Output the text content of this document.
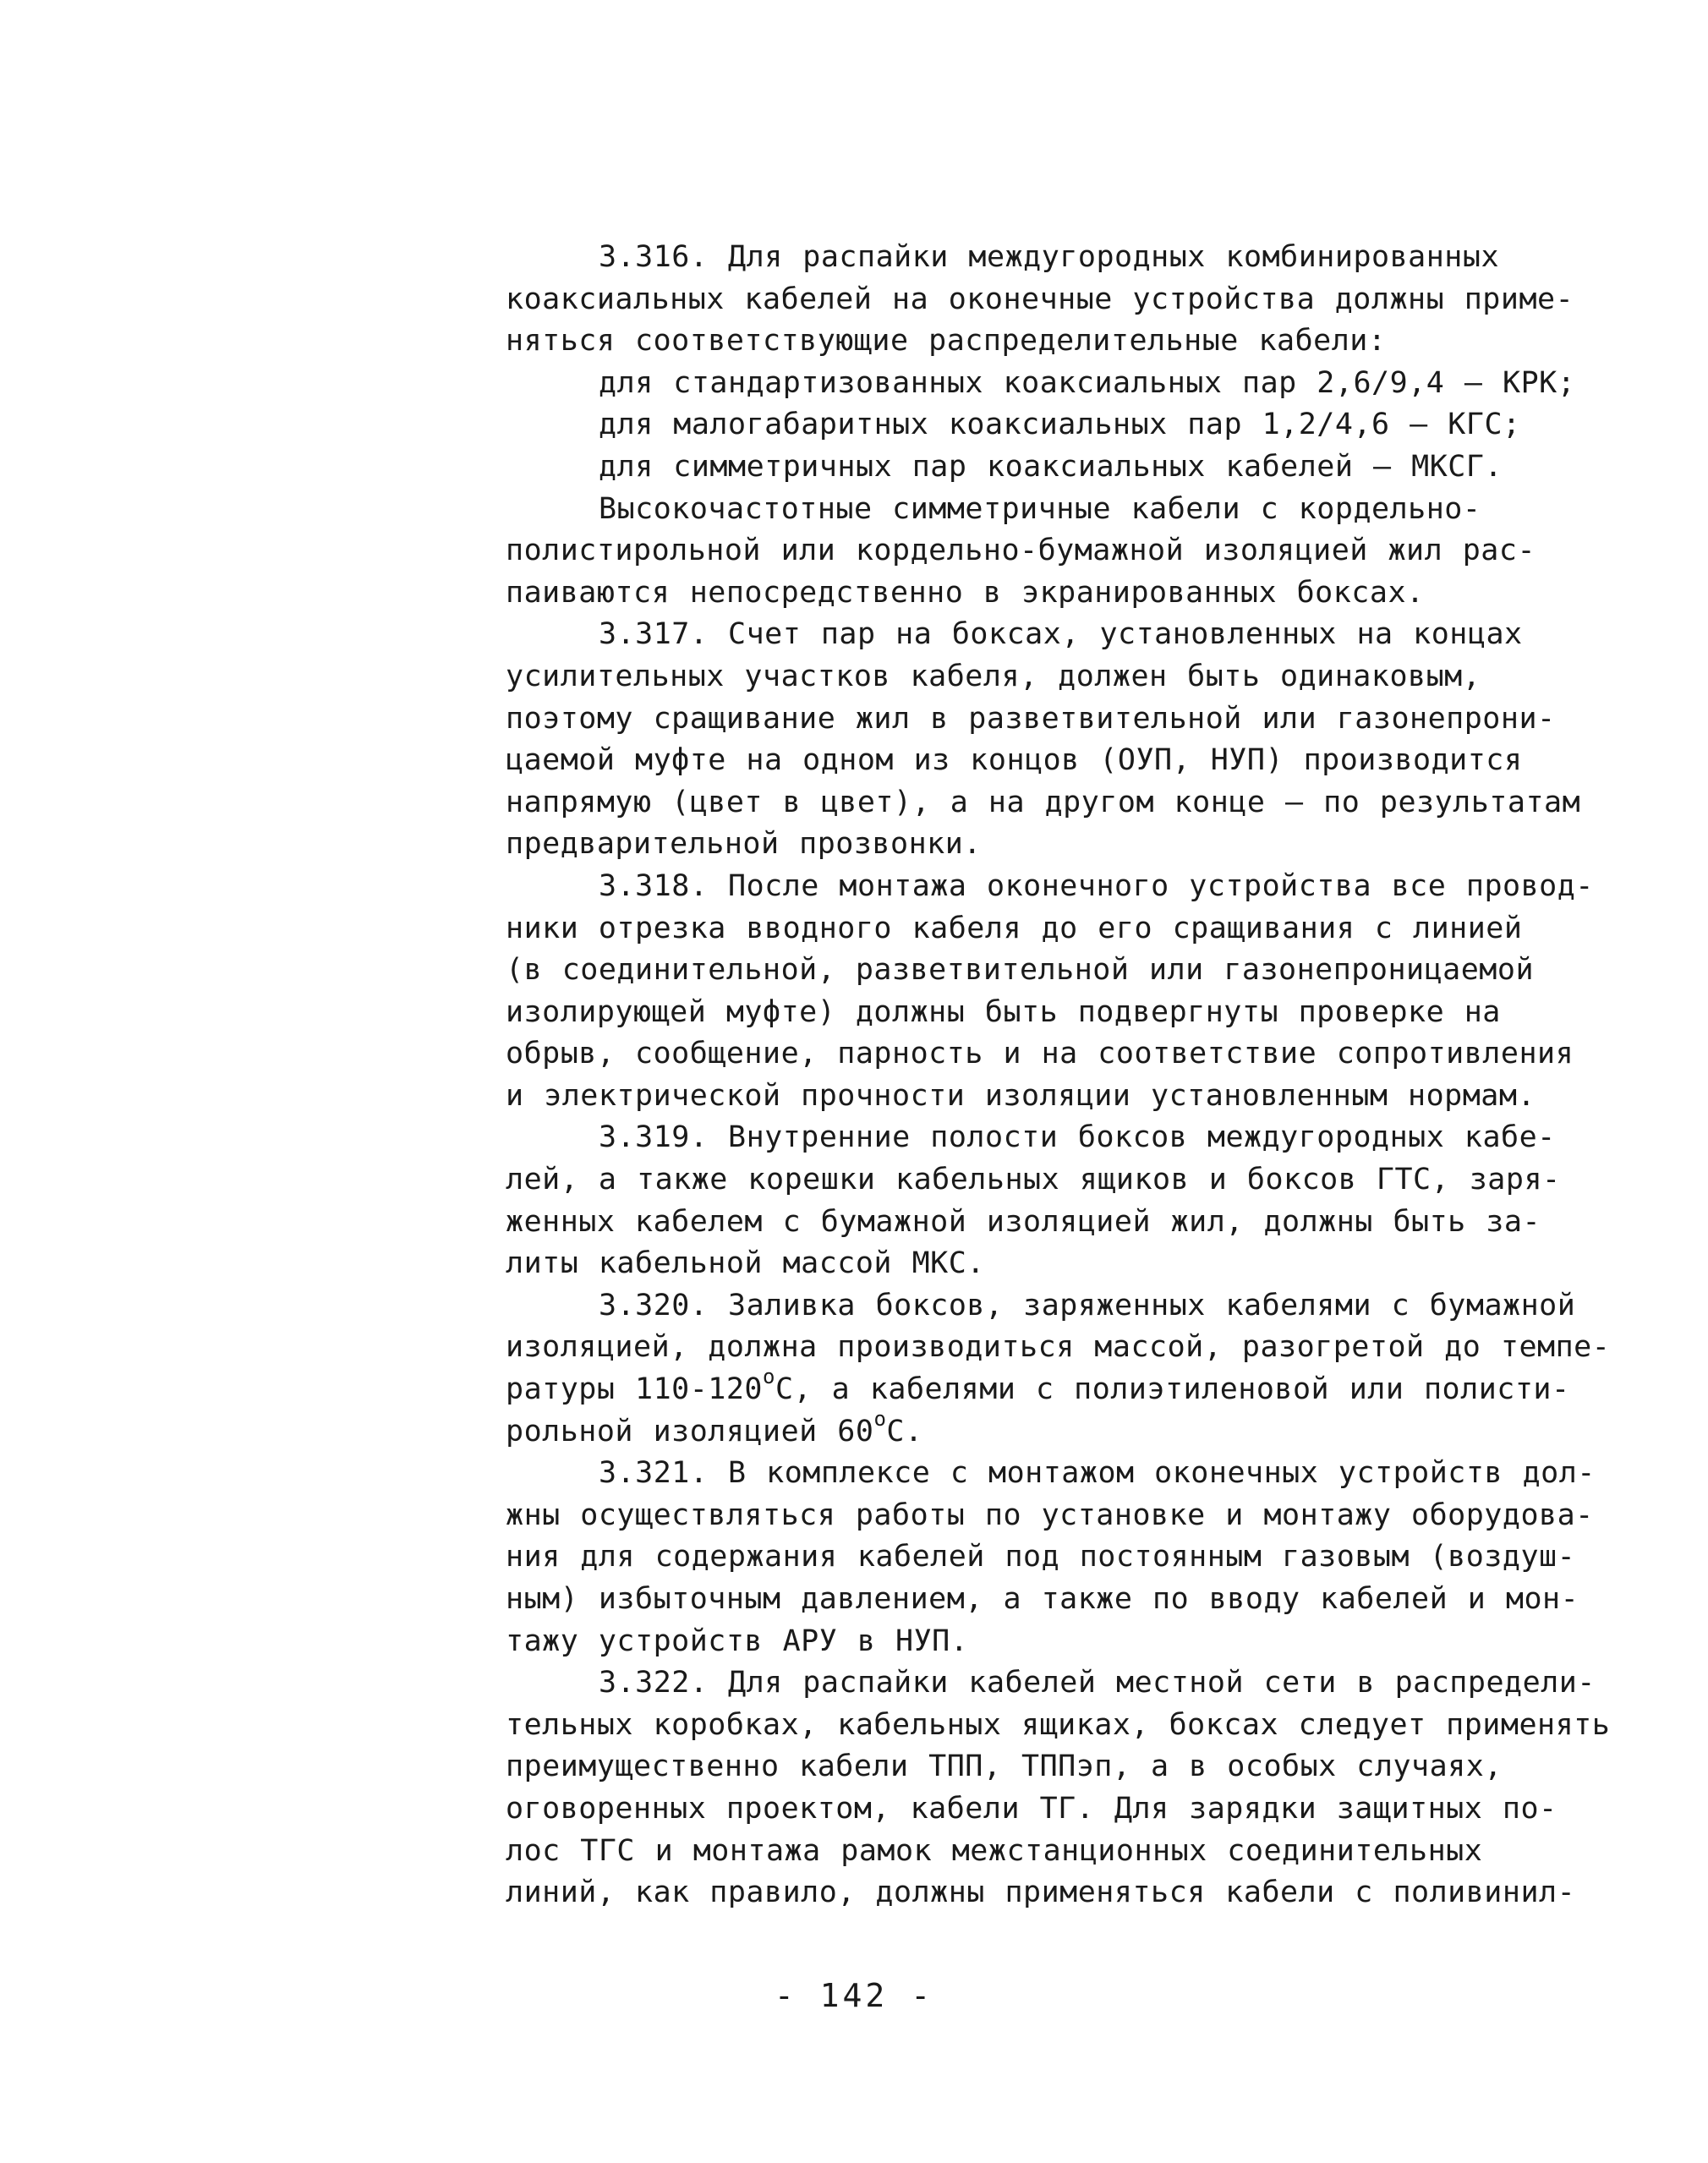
3.316. Для распайки междугородных комбинированных
коаксиальных кабелей на оконечные устройства должны приме-
няться соответствующие распределительные кабели:
для стандартизованных коаксиальных пар 2,6/9,4 – КРК;
для малогабаритных коаксиальных пар 1,2/4,6 – КГС;
для симметричных пар коаксиальных кабелей – МКСГ.
Высокочастотные симметричные кабели с кордельно-
полистирольной или кордельно-бумажной изоляцией жил рас-
паиваются непосредственно в экранированных боксах.
3.317. Счет пар на боксах, установленных на концах
усилительных участков кабеля, должен быть одинаковым,
поэтому сращивание жил в разветвительной или газонепрони-
цаемой муфте на одном из концов (ОУП, НУП) производится
напрямую (цвет в цвет), а на другом конце – по результатам
предварительной прозвонки.
3.318. После монтажа оконечного устройства все провод-
ники отрезка вводного кабеля до его сращивания с линией
(в соединительной, разветвительной или газонепроницаемой
изолирующей муфте) должны быть подвергнуты проверке на
обрыв, сообщение, парность и на соответствие сопротивления
и электрической прочности изоляции установленным нормам.
3.319. Внутренние полости боксов междугородных кабе-
лей, а также корешки кабельных ящиков и боксов ГТС, заря-
женных кабелем с бумажной изоляцией жил, должны быть за-
литы кабельной массой МКС.
3.320. Заливка боксов, заряженных кабелями с бумажной
изоляцией, должна производиться массой, разогретой до темпе-
ратуры $110-120^оС$, а кабелями с полиэтиленовой или полисти-
рольной изоляцией $60^оС$.
3.321. В комплексе с монтажом оконечных устройств дол-
жны осуществляться работы по установке и монтажу оборудова-
ния для содержания кабелей под постоянным газовым (воздуш-
ным) избыточным давлением, а также по вводу кабелей и мон-
тажу устройств АРУ в НУП.
3.322. Для распайки кабелей местной сети в распредели-
тельных коробках, кабельных ящиках, боксах следует применять
преимущественно кабели ТПП, ТППэп, а в особых случаях,
оговоренных проектом, кабели ТГ. Для зарядки защитных по-
лос ТГС и монтажа рамок межстанционных соединительных
линий, как правило, должны применяться кабели с поливинил-
- 142 -
